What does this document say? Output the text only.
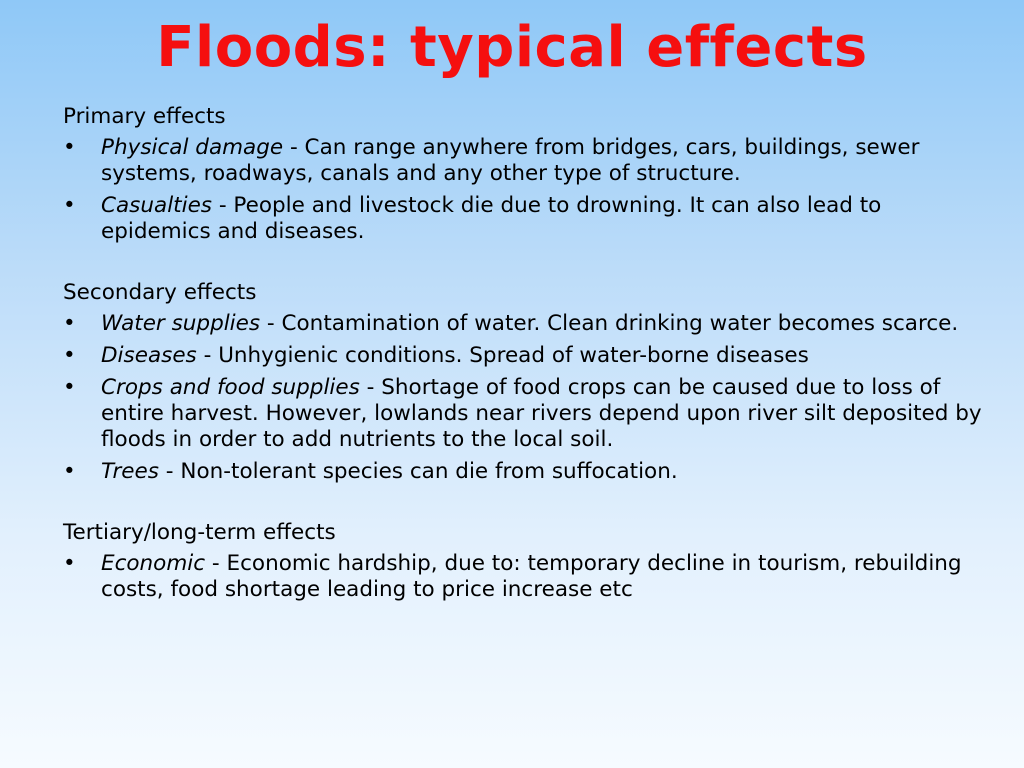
Floods: typical effects
Primary effects
• Physical damage - Can range anywhere from bridges, cars, buildings, sewer systems, roadways, canals and any other type of structure.
• Casualties - People and livestock die due to drowning. It can also lead to epidemics and diseases.
Secondary effects
• Water supplies - Contamination of water. Clean drinking water becomes scarce.
• Diseases - Unhygienic conditions. Spread of water-borne diseases
• Crops and food supplies - Shortage of food crops can be caused due to loss of entire harvest. However, lowlands near rivers depend upon river silt deposited by floods in order to add nutrients to the local soil.
• Trees - Non-tolerant species can die from suffocation.
Tertiary/long-term effects
• Economic - Economic hardship, due to: temporary decline in tourism, rebuilding costs, food shortage leading to price increase etc
